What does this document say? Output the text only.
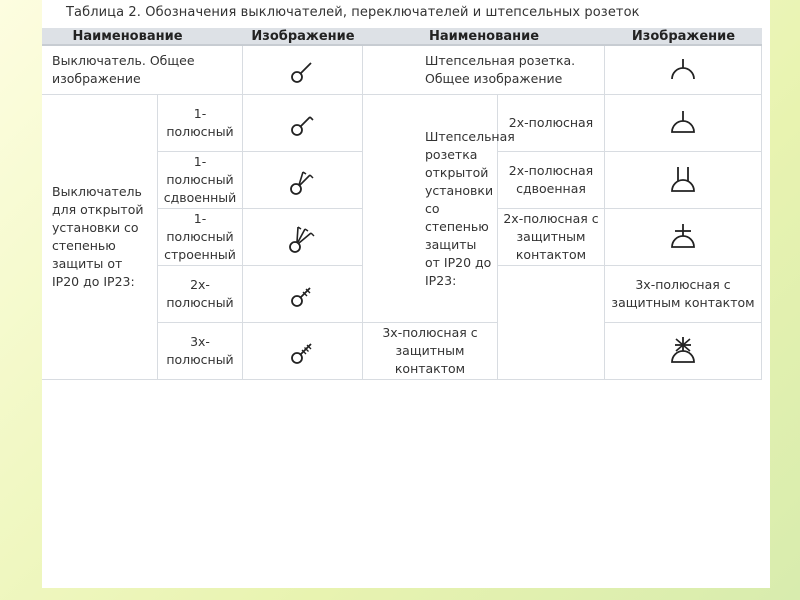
Таблица 2. Обозначения выключателей, переключателей и штепсельных розеток
Наименование		Изображение	Наименование		Изображение
Выключатель. Общее изображение			Штепсельная розетка. Общее изображение	

Выключатель для открытой установки со степенью защиты от IP20 до IP23:	1-полюсный		Штепсельная розетка открытой установки со степенью защиты от IP20 до IP23:	2х-полюсная	

	1-полюсный сдвоенный			2х-полюсная сдвоенная	

	1-полюсный строенный			2х-полюсная с защитным контактом	

	2х-полюсный				3х-полюсная с защитным контактом
	3х-полюсный		3х-полюсная с защитным контактом	
